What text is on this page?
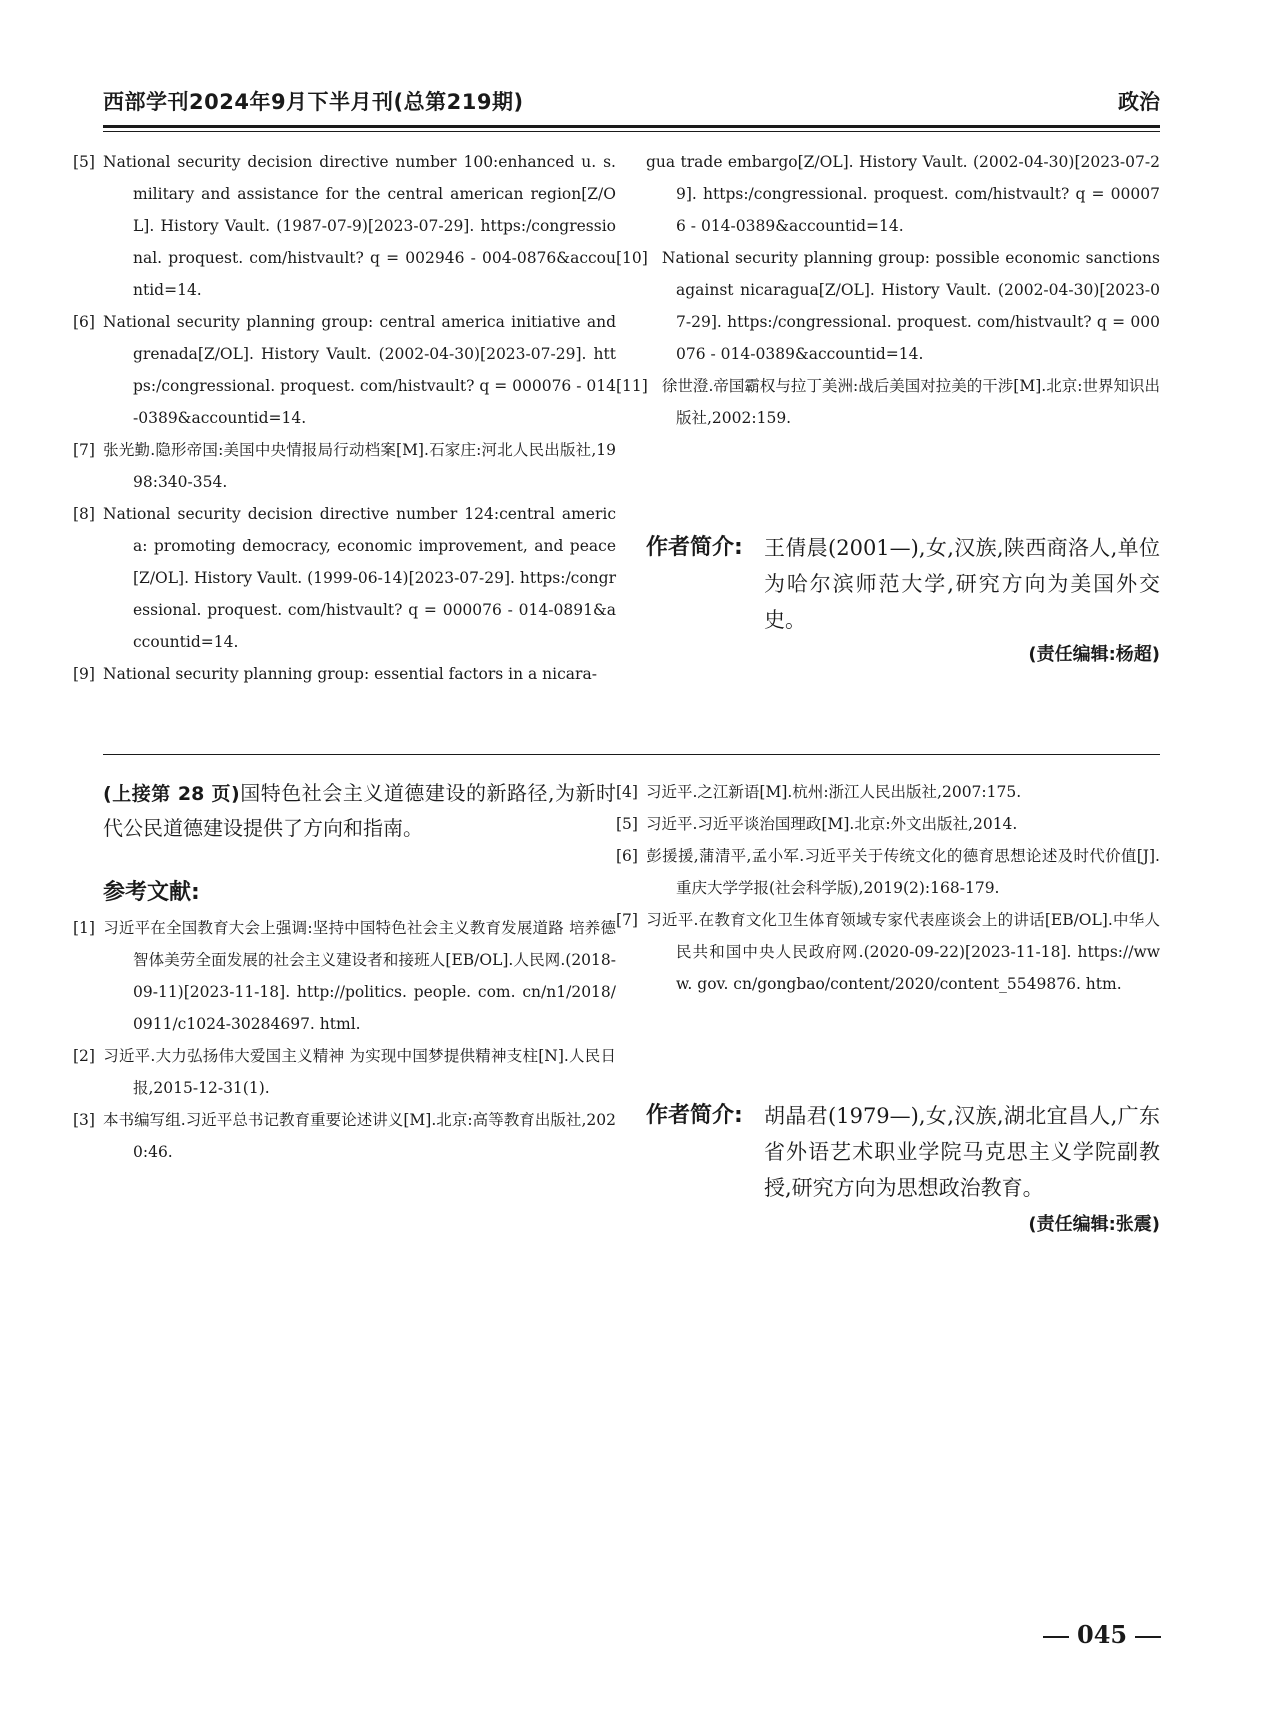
西部学刊2024年9月下半月刊(总第219期)	政治
[5] National security decision directive number 100:enhanced u. s. military and assistance for the central american region[Z/OL]. History Vault. (1987-07-9)[2023-07-29]. https:/congressional. proquest. com/histvault? q = 002946 - 004-0876&accountid=14.
[6] National security planning group: central america initiative and grenada[Z/OL]. History Vault. (2002-04-30)[2023-07-29]. https:/congressional. proquest. com/histvault? q = 000076 - 014-0389&accountid=14.
[7] 张光勤.隐形帝国:美国中央情报局行动档案[M].石家庄:河北人民出版社,1998:340-354.
[8] National security decision directive number 124:central america: promoting democracy, economic improvement, and peace [Z/OL]. History Vault. (1999-06-14)[2023-07-29]. https:/congressional. proquest. com/histvault? q = 000076 - 014-0891&accountid=14.
[9] National security planning group: essential factors in a nicara-
gua trade embargo[Z/OL]. History Vault. (2002-04-30)[2023-07-29]. https:/congressional. proquest. com/histvault? q = 000076 - 014-0389&accountid=14.
[10] National security planning group: possible economic sanctions against nicaragua[Z/OL]. History Vault. (2002-04-30)[2023-07-29]. https:/congressional. proquest. com/histvault? q = 000076 - 014-0389&accountid=14.
[11] 徐世澄.帝国霸权与拉丁美洲:战后美国对拉美的干涉[M].北京:世界知识出版社,2002:159.
作者简介: 王倩晨(2001—),女,汉族,陕西商洛人,单位为哈尔滨师范大学,研究方向为美国外交史。
(责任编辑:杨超)
(上接第 28 页)国特色社会主义道德建设的新路径,为新时代公民道德建设提供了方向和指南。
参考文献:
[1] 习近平在全国教育大会上强调:坚持中国特色社会主义教育发展道路 培养德智体美劳全面发展的社会主义建设者和接班人[EB/OL].人民网.(2018-09-11)[2023-11-18]. http://politics. people. com. cn/n1/2018/0911/c1024-30284697. html.
[2] 习近平.大力弘扬伟大爱国主义精神 为实现中国梦提供精神支柱[N].人民日报,2015-12-31(1).
[3] 本书编写组.习近平总书记教育重要论述讲义[M].北京:高等教育出版社,2020:46.
[4] 习近平.之江新语[M].杭州:浙江人民出版社,2007:175.
[5] 习近平.习近平谈治国理政[M].北京:外文出版社,2014.
[6] 彭援援,蒲清平,孟小军.习近平关于传统文化的德育思想论述及时代价值[J].重庆大学学报(社会科学版),2019(2):168-179.
[7] 习近平.在教育文化卫生体育领域专家代表座谈会上的讲话[EB/OL].中华人民共和国中央人民政府网.(2020-09-22)[2023-11-18]. https://www. gov. cn/gongbao/content/2020/content_5549876. htm.
作者简介: 胡晶君(1979—),女,汉族,湖北宜昌人,广东省外语艺术职业学院马克思主义学院副教授,研究方向为思想政治教育。
(责任编辑:张震)
045
